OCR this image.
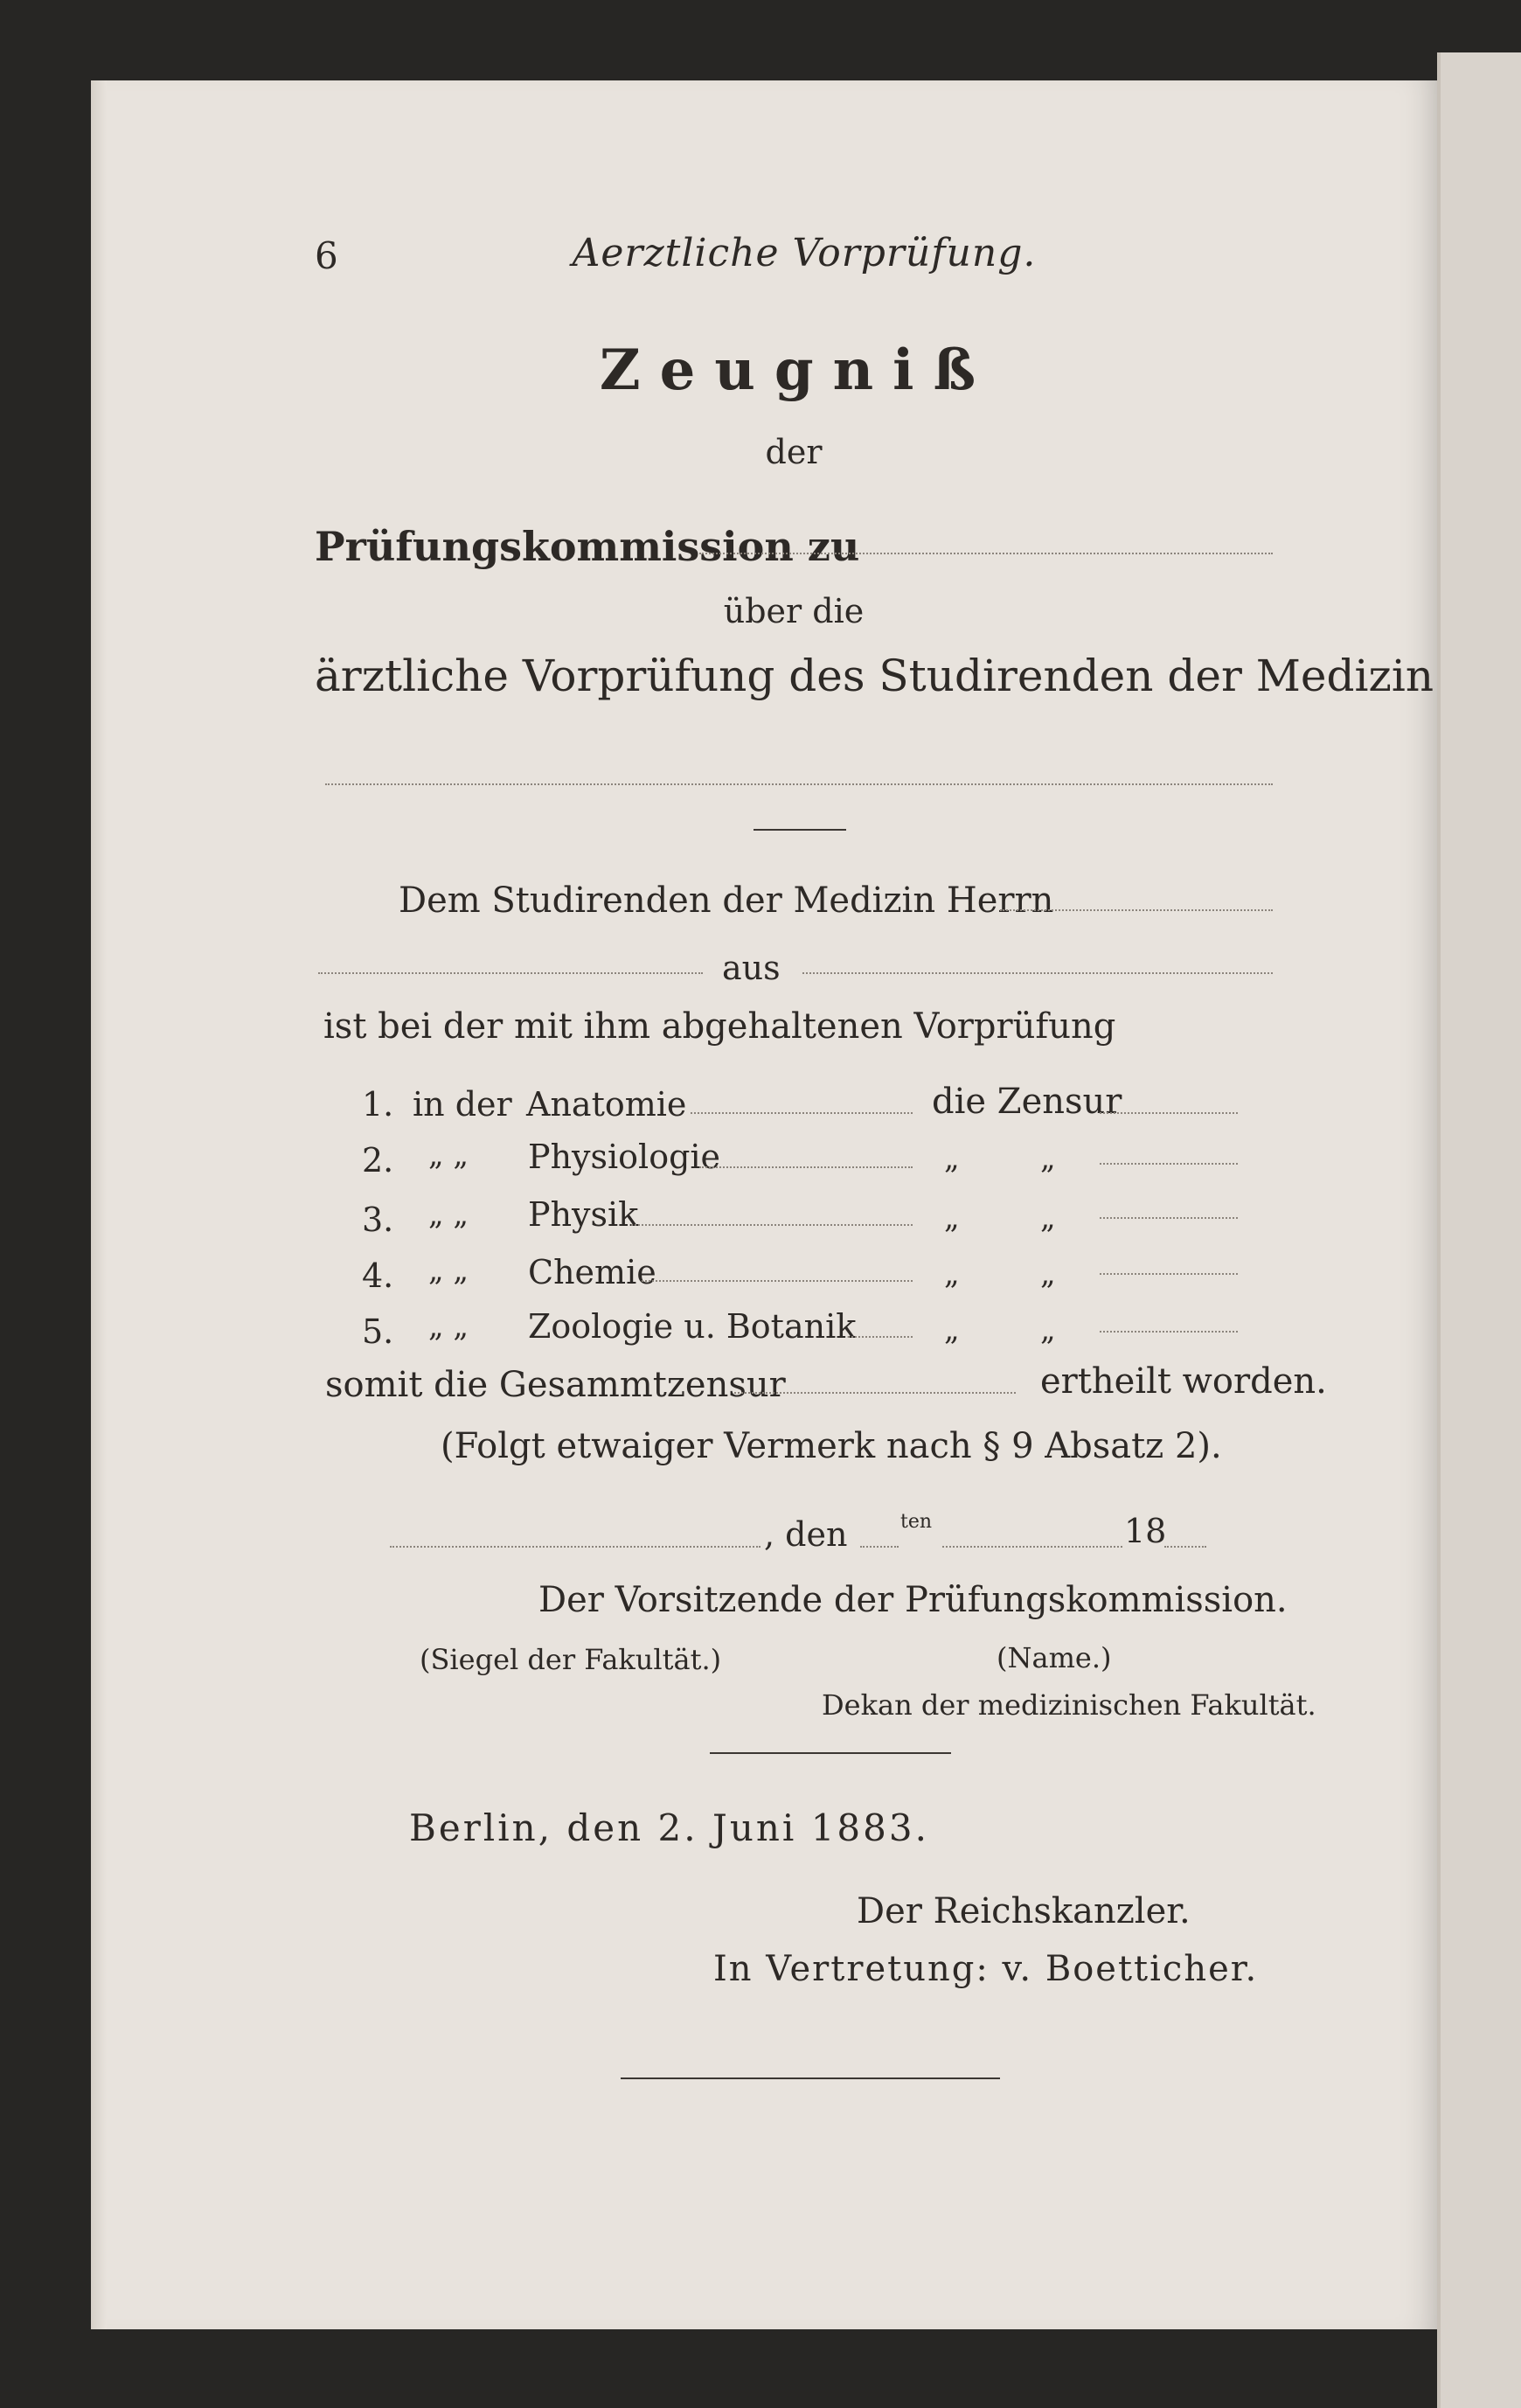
6	Aerztliche Vorprüfung.
Zeugniß
der
Prüfungskommission zu
über die
ärztliche Vorprüfung des Studirenden der Medizin
Dem Studirenden der Medizin Herrn
aus
ist bei der mit ihm abgehaltenen Vorprüfung
1. in der Anatomie	die Zensur
2. „ „ Physiologie	„	„
3. „ „ Physik	„	„
4. „ „ Chemie	„	„
5. „ „ Zoologie u. Botanik	„	„
somit die Gesammtzensur	ertheilt worden.
(Folgt etwaiger Vermerk nach § 9 Absatz 2).
, den	ten	18
Der Vorsitzende der Prüfungskommission.
(Siegel der Fakultät.)	(Name.)
Dekan der medizinischen Fakultät.
Berlin, den 2. Juni 1883.
Der Reichskanzler.
In Vertretung: v. Boetticher.
